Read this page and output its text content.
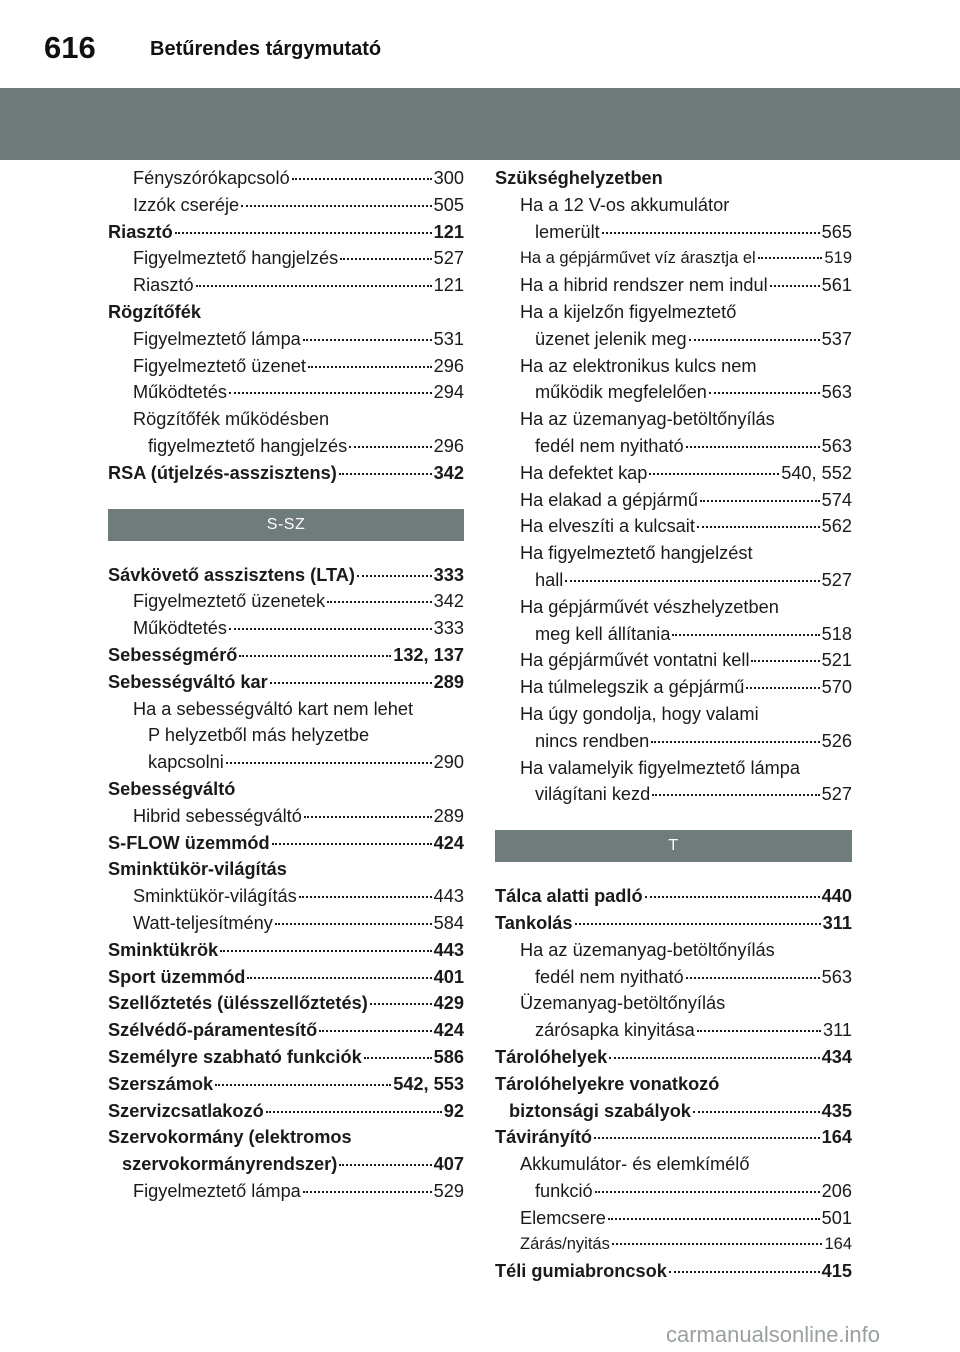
616	Betűrendes tárgymutató
Fényszórókapcsoló	300
Izzók cseréje	505
Riasztó	121
Figyelmeztető hangjelzés	527
Riasztó	121
Rögzítőfék
Figyelmeztető lámpa	531
Figyelmeztető üzenet	296
Működtetés	294
Rögzítőfék működésben
figyelmeztető hangjelzés	296
RSA (útjelzés-asszisztens)	342
S-SZ
Sávkövető asszisztens (LTA)	333
Figyelmeztető üzenetek	342
Működtetés	333
Sebességmérő	132, 137
Sebességváltó kar	289
Ha a sebességváltó kart nem lehet
P helyzetből más helyzetbe
kapcsolni	290
Sebességváltó
Hibrid sebességváltó	289
S-FLOW üzemmód	424
Sminktükör-világítás
Sminktükör-világítás	443
Watt-teljesítmény	584
Sminktükrök	443
Sport üzemmód	401
Szellőztetés (ülésszellőztetés)	429
Szélvédő-páramentesítő	424
Személyre szabható funkciók	586
Szerszámok	542, 553
Szervizcsatlakozó	92
Szervokormány (elektromos
szervokormányrendszer)	407
Figyelmeztető lámpa	529
Szükséghelyzetben
Ha a 12 V-os akkumulátor
lemerült	565
Ha a gépjárművet víz árasztja el	519
Ha a hibrid rendszer nem indul	561
Ha a kijelzőn figyelmeztető
üzenet jelenik meg	537
Ha az elektronikus kulcs nem
működik megfelelően	563
Ha az üzemanyag-betöltőnyílás
fedél nem nyitható	563
Ha defektet kap	540, 552
Ha elakad a gépjármű	574
Ha elveszíti a kulcsait	562
Ha figyelmeztető hangjelzést
hall	527
Ha gépjárművét vészhelyzetben
meg kell állítania	518
Ha gépjárművét vontatni kell	521
Ha túlmelegszik a gépjármű	570
Ha úgy gondolja, hogy valami
nincs rendben	526
Ha valamelyik figyelmeztető lámpa
világítani kezd	527
T
Tálca alatti padló	440
Tankolás	311
Ha az üzemanyag-betöltőnyílás
fedél nem nyitható	563
Üzemanyag-betöltőnyílás
zárósapka kinyitása	311
Tárolóhelyek	434
Tárolóhelyekre vonatkozó
biztonsági szabályok	435
Távirányító	164
Akkumulátor- és elemkímélő
funkció	206
Elemcsere	501
Zárás/nyitás	164
Téli gumiabroncsok	415
carmanualsonline.info
